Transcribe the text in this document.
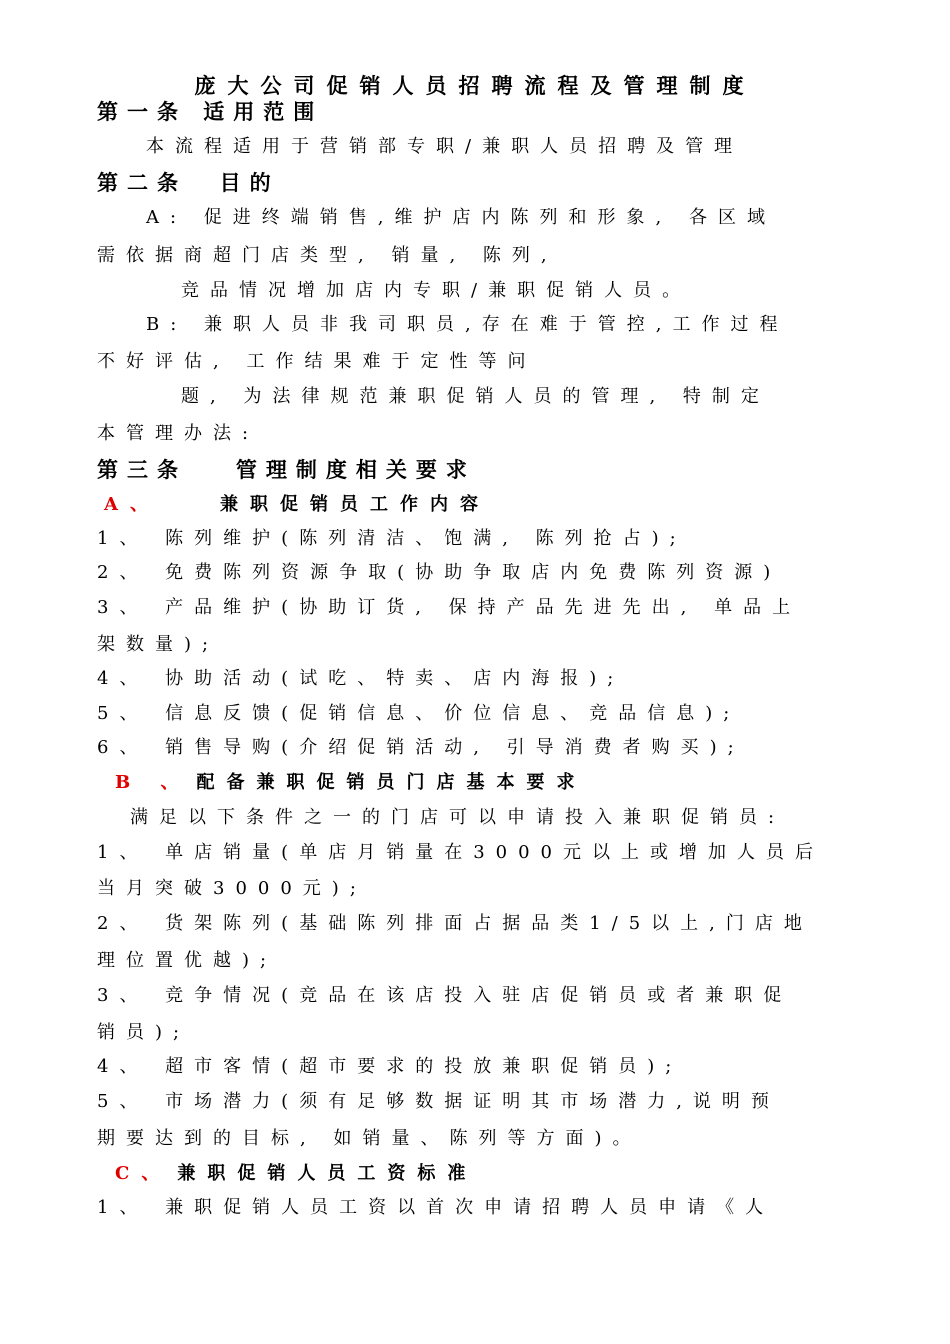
庞大公司促销人员招聘流程及管理制度
第一条 适用范围
本流程适用于营销部专职/兼职人员招聘及管理
第二条  目的
A: 促进终端销售,维护店内陈列和形象, 各区域
需依据商超门店类型, 销量, 陈列,
竞品情况增加店内专职/兼职促销人员。
B: 兼职人员非我司职员,存在难于管控,工作过程
不好评估, 工作结果难于定性等问
题, 为法律规范兼职促销人员的管理, 特制定
本管理办法:
第三条   管理制度相关要求
A、	兼职促销员工作内容
1、 陈列维护(陈列清洁、饱满, 陈列抢占);
2、 免费陈列资源争取(协助争取店内免费陈列资源)
3、 产品维护(协助订货, 保持产品先进先出, 单品上
架数量);
4、 协助活动(试吃、特卖、店内海报);
5、 信息反馈(促销信息、价位信息、竞品信息);
6、 销售导购(介绍促销活动, 引导消费者购买);
B 、 配备兼职促销员门店基本要求
满足以下条件之一的门店可以申请投入兼职促销员:
1、 单店销量(单店月销量在3000元以上或增加人员后
当月突破3000元);
2、 货架陈列(基础陈列排面占据品类1/5以上,门店地
理位置优越);
3、 竞争情况(竞品在该店投入驻店促销员或者兼职促
销员);
4、 超市客情(超市要求的投放兼职促销员);
5、 市场潜力(须有足够数据证明其市场潜力,说明预
期要达到的目标, 如销量、陈列等方面)。
C、 兼职促销人员工资标准
1、 兼职促销人员工资以首次申请招聘人员申请《人
